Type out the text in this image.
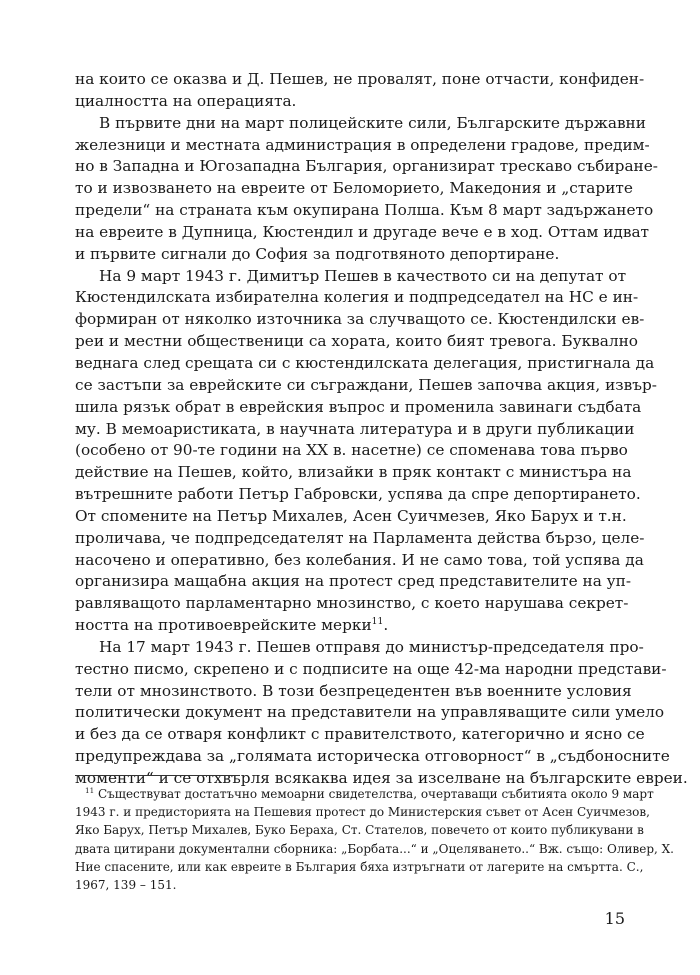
на които се оказва и Д. Пешев, не провалят, поне отчасти, конфиден-
циалността на операцията.
В първите дни на март полицейските сили, Българските държавни
железници и местната администрация в определени градове, предим-
но в Западна и Югозападна България, организират трескаво събиране-
то и извозването на евреите от Беломорието, Македония и „старите
предели“ на страната към окупирана Полша. Към 8 март задържането
на евреите в Дупница, Кюстендил и другаде вече е в ход. Оттам идват
и първите сигнали до София за подготвяното депортиране.
На 9 март 1943 г. Димитър Пешев в качеството си на депутат от
Кюстендилската избирателна колегия и подпредседател на НС е ин-
формиран от няколко източника за случващото се. Кюстендилски ев-
реи и местни общественици са хората, които бият тревога. Буквално
веднага след срещата си с кюстендилската делегация, пристигнала да
се застъпи за еврейските си съграждани, Пешев започва акция, извър-
шила рязък обрат в еврейския въпрос и променила завинаги съдбата
му. В мемоаристиката, в научната литература и в други публикации
(особено от 90-те години на XX в. насетне) се споменава това първо
действие на Пешев, който, влизайки в пряк контакт с министъра на
вътрешните работи Петър Габровски, успява да спре депортирането.
От спомените на Петър Михалев, Асен Суичмезев, Яко Барух и т.н.
проличава, че подпредседателят на Парламента действа бързо, целе-
насочено и оперативно, без колебания. И не само това, той успява да
организира мащабна акция на протест сред представителите на уп-
равляващото парламентарно мнозинство, с което нарушава секрет-
ността на противоеврейските мерки$^{11}$.
На 17 март 1943 г. Пешев отправя до министър-председателя про-
тестно писмо, скрепено и с подписите на още 42-ма народни представи-
тели от мнозинството. В този безпрецедентен във военните условия
политически документ на представители на управляващите сили умело
и без да се отваря конфликт с правителството, категорично и ясно се
предупреждава за „голямата историческа отговорност“ в „съдбоносните
моменти“ и се отхвърля всякаква идея за изселване на българските евреи.
$^{11}$ Съществуват достатъчно мемоарни свидетелства, очертаващи събитията около 9 март
1943 г. и предисторията на Пешевия протест до Министерския съвет от Асен Суичмезов,
Яко Барух, Петър Михалев, Буко Бераха, Ст. Стателов, повечето от които публикувани в
двата цитирани документални сборника: „Борбата...“ и „Оцеляването..“ Вж. също: Оливер, Х.
Ние спасените, или как евреите в България бяха изтръгнати от лагерите на смъртта. С.,
1967, 139 – 151.
15
